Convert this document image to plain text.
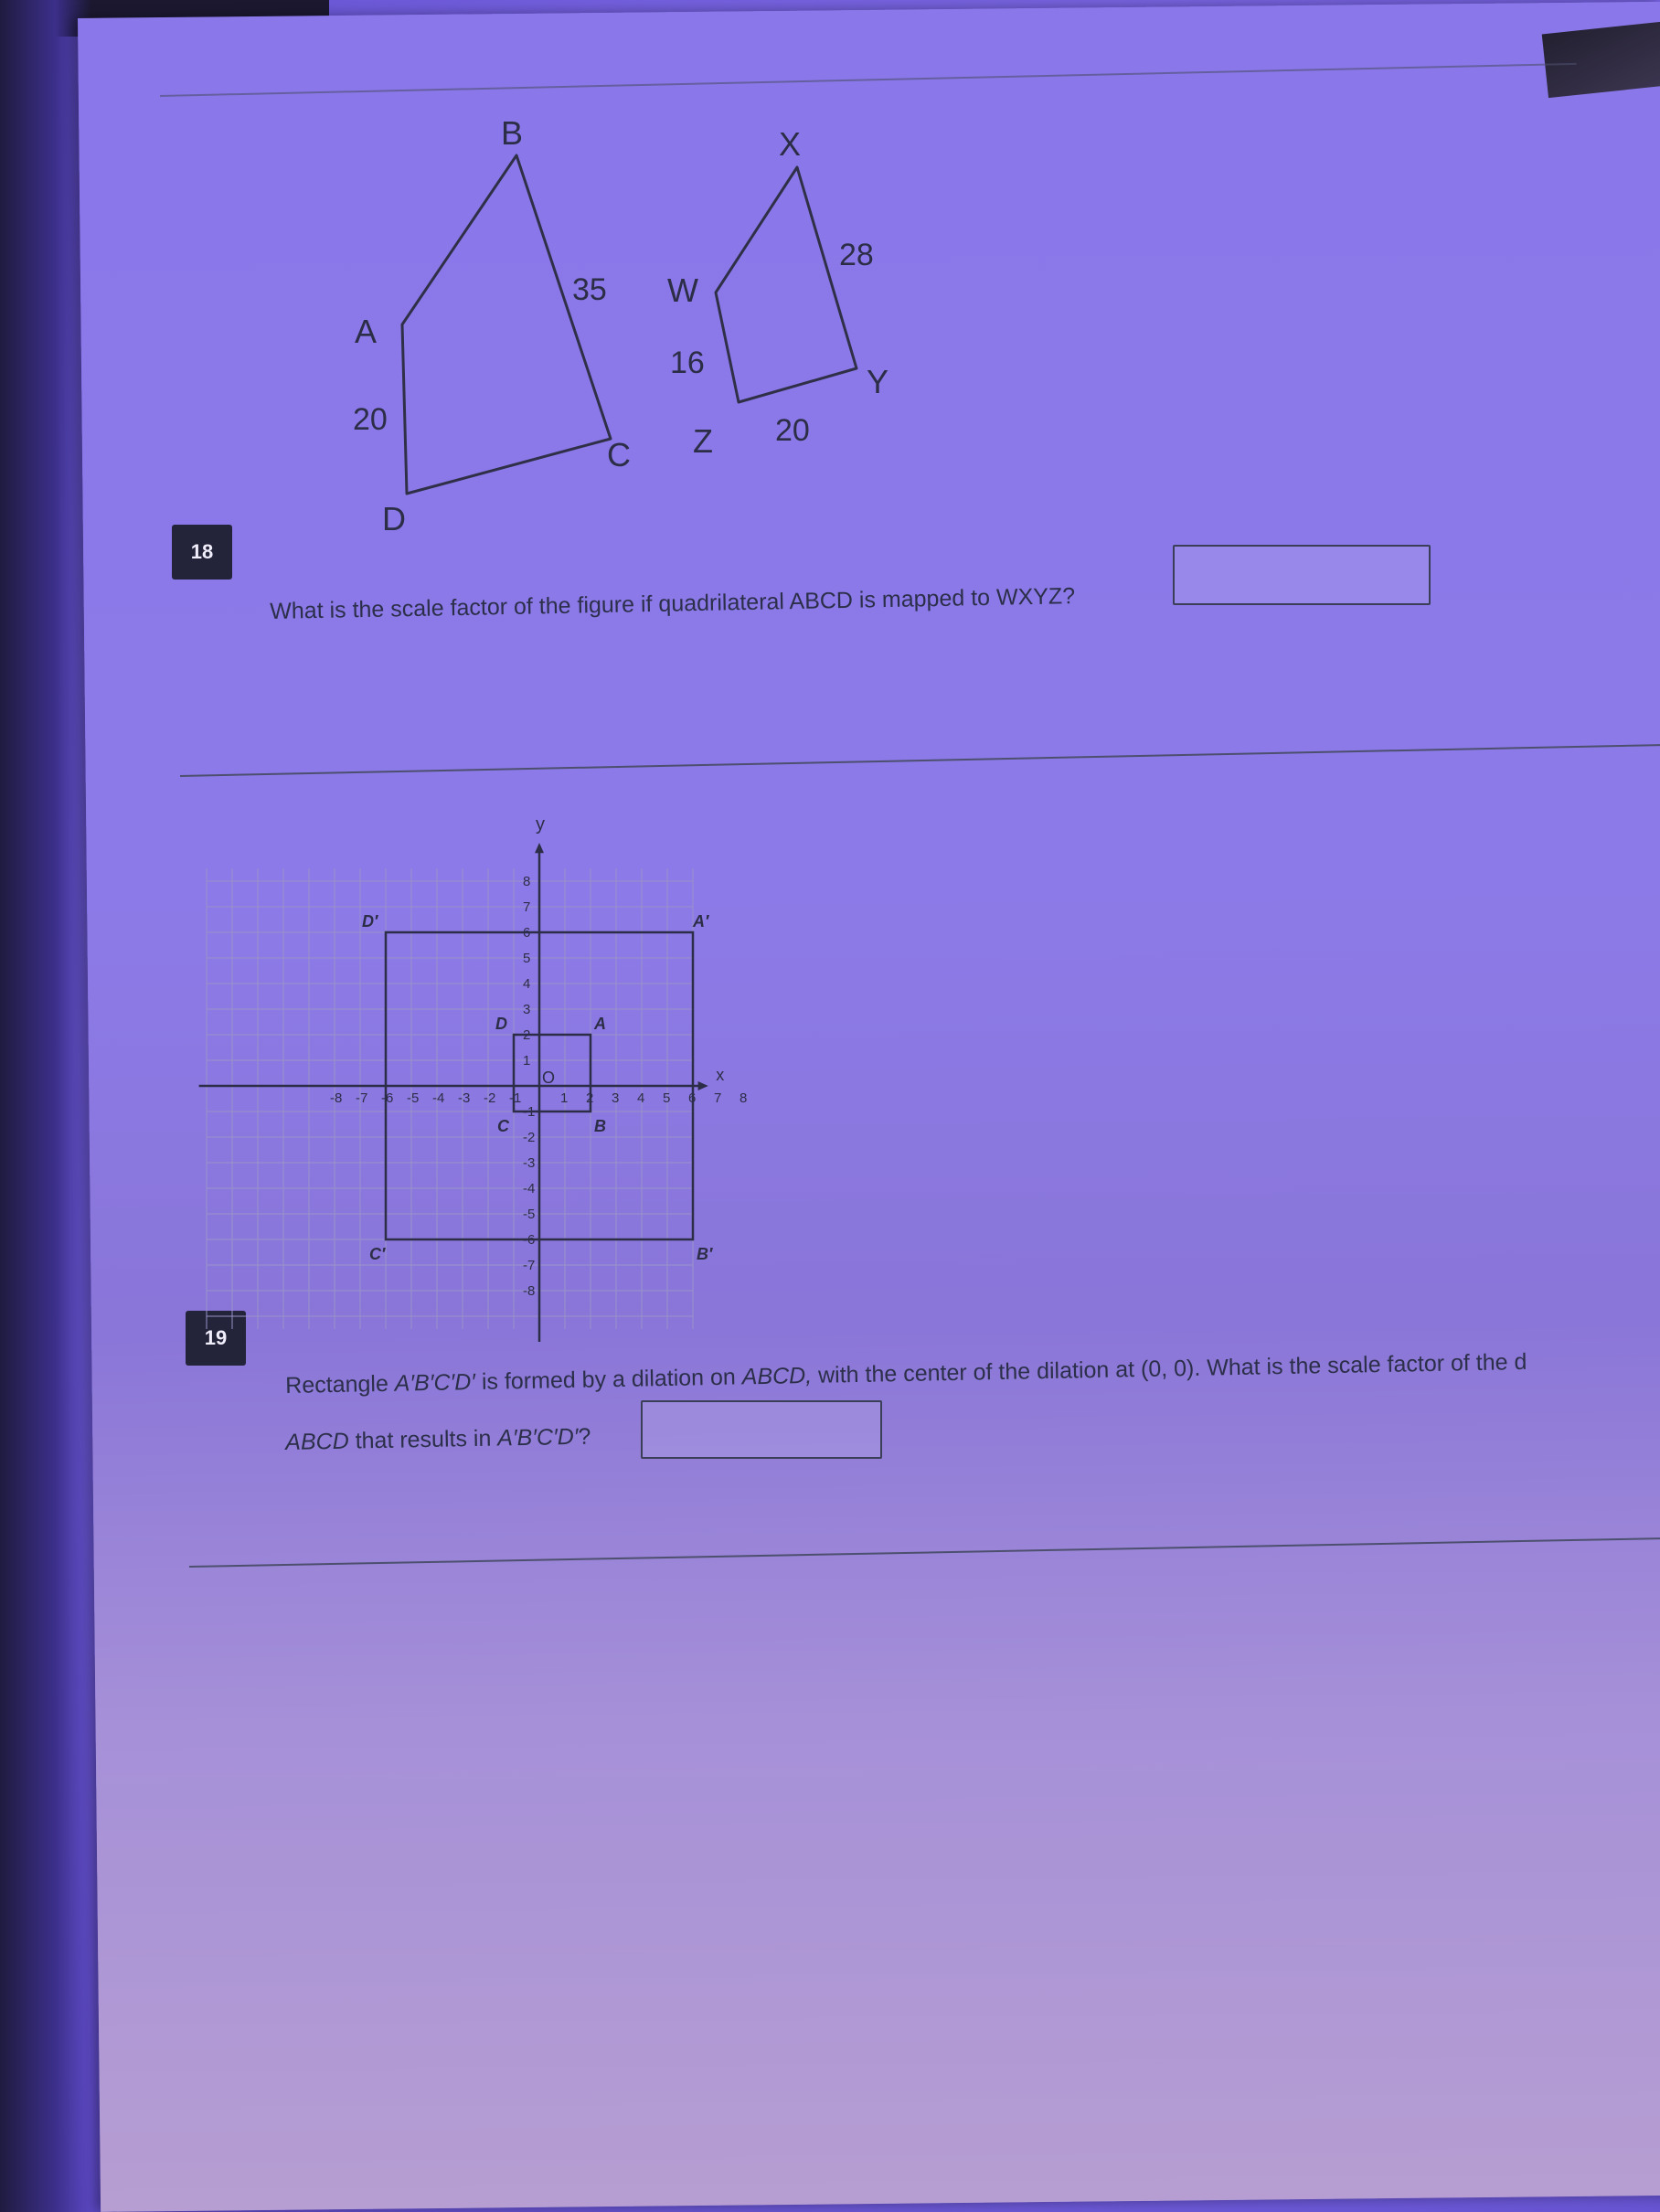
18
B
A
C
D
X
W
Y
Z
20
35
16
28
20
What is the scale factor of the figure if quadrilateral ABCD is mapped to WXYZ?
19
x
y
O
-8 -7 -6 -5 -4 -3 -2 -1	1 2 3 4 5 6 7 8
8
7
6
5
4
3
2
1
-1
-2
-3
-4
-5
-6
-7
-8
A
B
C
D
A′
B′
C′
D′
Rectangle A′B′C′D′ is formed by a dilation on ABCD, with the center of the dilation at (0, 0). What is the scale factor of the d
ABCD that results in A′B′C′D′?
